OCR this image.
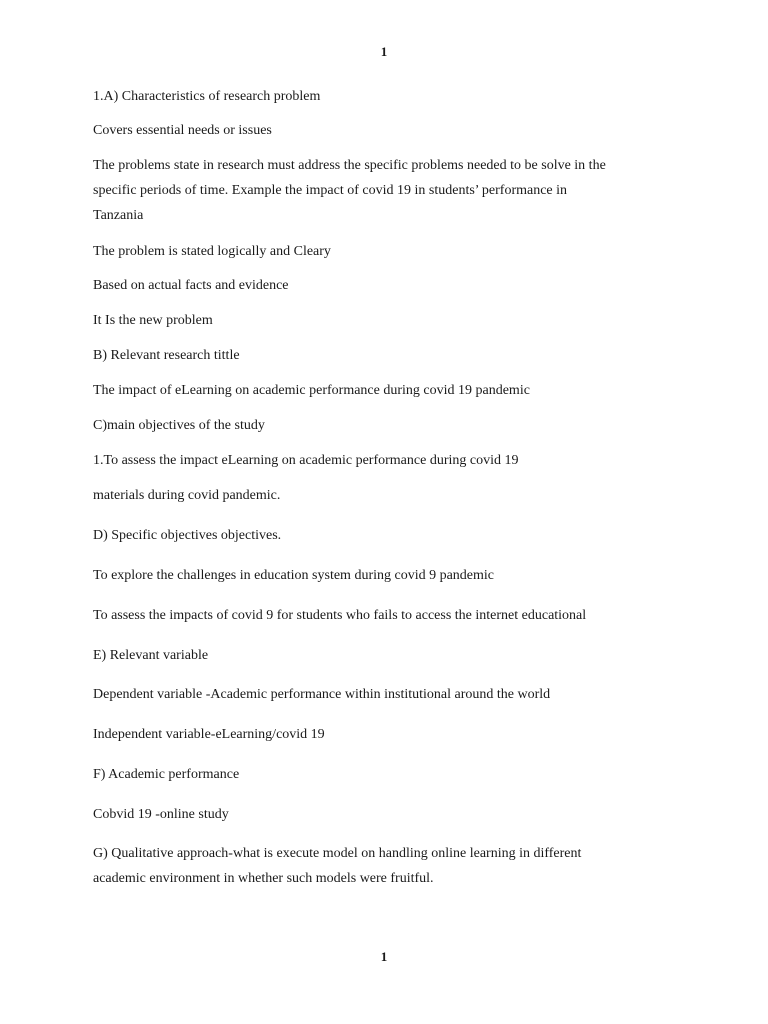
1

1.A) Characteristics of research problem

Covers essential needs or issues

The problems state in research must address the specific problems needed to be solve in the
specific periods of time. Example the impact of covid 19 in students’ performance in
Tanzania

The problem is stated logically and Cleary

Based on actual facts and evidence

It Is the new problem

B) Relevant research tittle

The impact of eLearning on academic performance during covid 19 pandemic

C)main objectives of the study

1.To assess the impact eLearning on academic performance during covid 19

materials during covid pandemic.

D) Specific objectives objectives.

To explore the challenges in education system during covid 9 pandemic

To assess the impacts of covid 9 for students who fails to access the internet educational

E) Relevant variable

Dependent variable -Academic performance within institutional around the world

Independent variable-eLearning/covid 19

F) Academic performance

Cobvid 19 -online study

G) Qualitative approach-what is execute model on handling online learning in different
academic environment in whether such models were fruitful.

1
